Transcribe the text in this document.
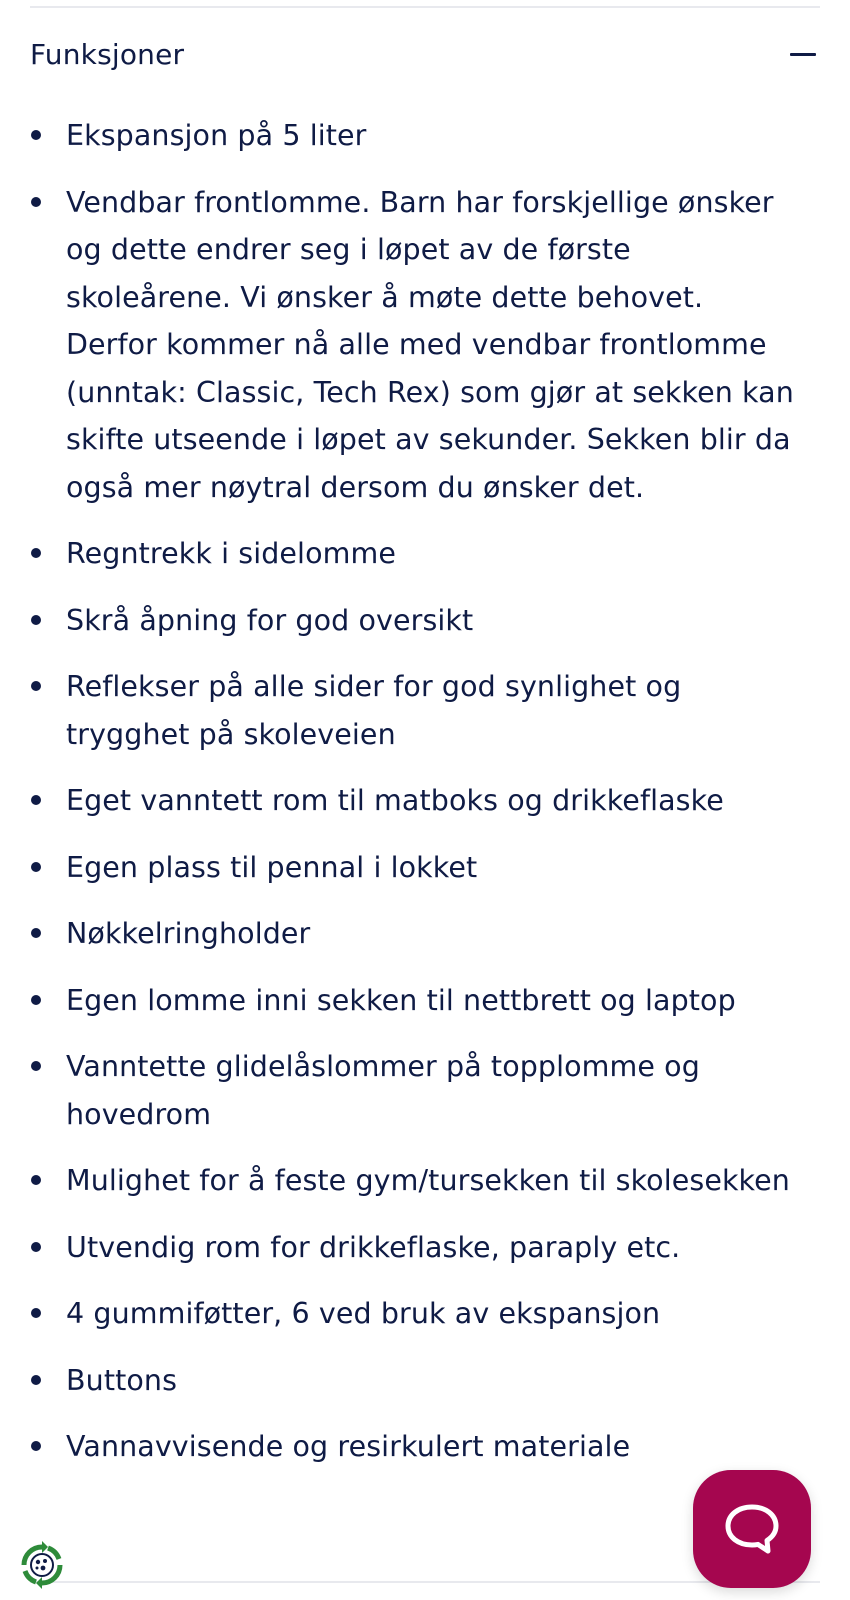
Funksjoner
Ekspansjon på 5 liter
Vendbar frontlomme. Barn har forskjellige ønsker og dette endrer seg i løpet av de første skoleårene. Vi ønsker å møte dette behovet. Derfor kommer nå alle med vendbar frontlomme (unntak: Classic, Tech Rex) som gjør at sekken kan skifte utseende i løpet av sekunder. Sekken blir da også mer nøytral dersom du ønsker det.
Regntrekk i sidelomme
Skrå åpning for god oversikt
Reflekser på alle sider for god synlighet og trygghet på skoleveien
Eget vanntett rom til matboks og drikkeflaske
Egen plass til pennal i lokket
Nøkkelringholder
Egen lomme inni sekken til nettbrett og laptop
Vanntette glidelåslommer på topplomme og hovedrom
Mulighet for å feste gym/tursekken til skolesekken
Utvendig rom for drikkeflaske, paraply etc.
4 gummiføtter, 6 ved bruk av ekspansjon
Buttons
Vannavvisende og resirkulert materiale
